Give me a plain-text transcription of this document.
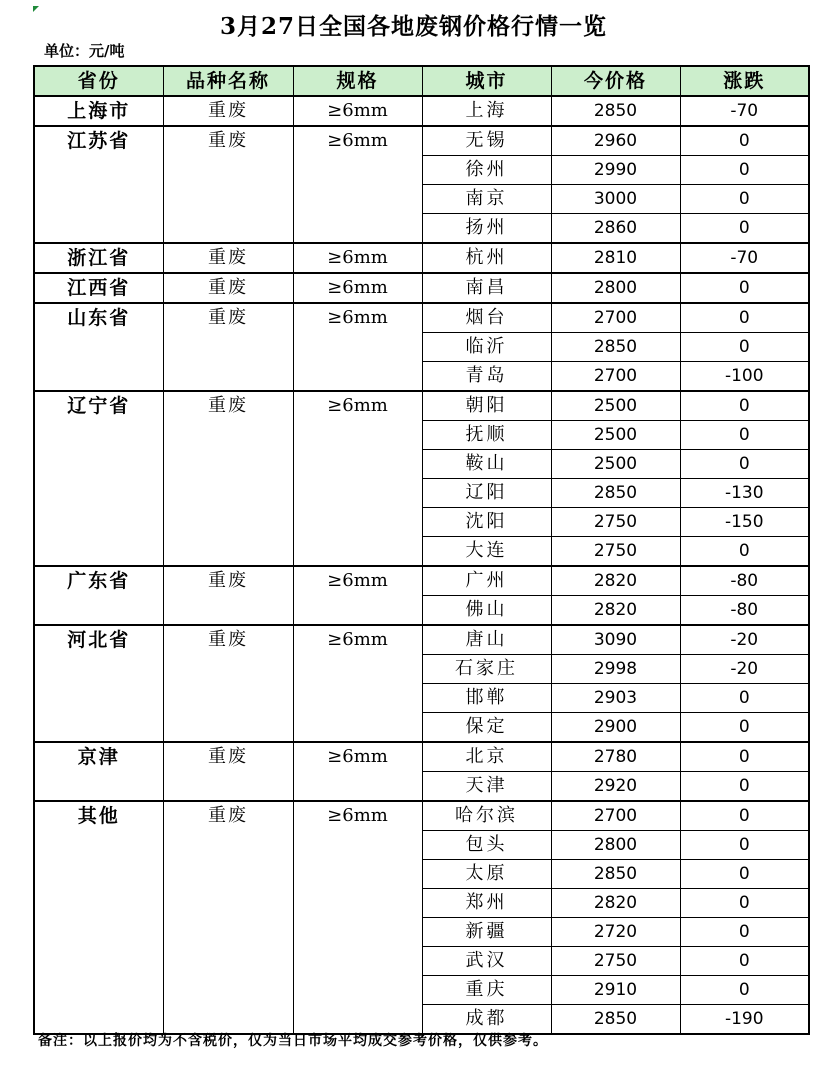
3月27日全国各地废钢价格行情一览
单位：元/吨
省份	品种名称	规格	城市	今价格	涨跌
上海市	重废	≥6mm	上海	2850	-70
江苏省	重废	≥6mm	无锡	2960	0
			徐州	2990	0
			南京	3000	0
			扬州	2860	0
浙江省	重废	≥6mm	杭州	2810	-70
江西省	重废	≥6mm	南昌	2800	0
山东省	重废	≥6mm	烟台	2700	0
			临沂	2850	0
			青岛	2700	-100
辽宁省	重废	≥6mm	朝阳	2500	0
			抚顺	2500	0
			鞍山	2500	0
			辽阳	2850	-130
			沈阳	2750	-150
			大连	2750	0
广东省	重废	≥6mm	广州	2820	-80
			佛山	2820	-80
河北省	重废	≥6mm	唐山	3090	-20
			石家庄	2998	-20
			邯郸	2903	0
			保定	2900	0
京津	重废	≥6mm	北京	2780	0
			天津	2920	0
其他	重废	≥6mm	哈尔滨	2700	0
			包头	2800	0
			太原	2850	0
			郑州	2820	0
			新疆	2720	0
			武汉	2750	0
			重庆	2910	0
			成都	2850	-190
备注：以上报价均为不含税价，仅为当日市场平均成交参考价格，仅供参考。
